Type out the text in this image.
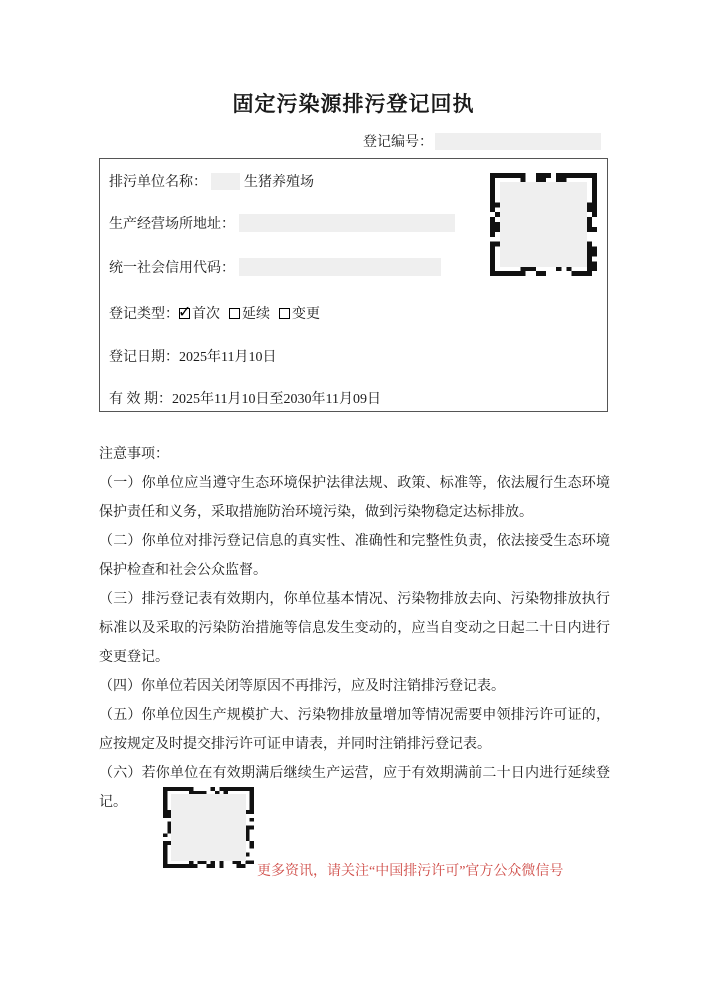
固定污染源排污登记回执
登记编号：
排污单位名称：	生猪养殖场
生产经营场所地址：
统一社会信用代码：
登记类型： ✓ 首次 延续 变更
登记日期： 2025年11月10日
有 效 期： 2025年11月10日至2030年11月09日

注意事项：

（一）你单位应当遵守生态环境保护法律法规、政策、标准等，依法履行生态环境保护责任和义务，采取措施防治环境污染，做到污染物稳定达标排放。

（二）你单位对排污登记信息的真实性、准确性和完整性负责，依法接受生态环境保护检查和社会公众监督。

（三）排污登记表有效期内，你单位基本情况、污染物排放去向、污染物排放执行标准以及采取的污染防治措施等信息发生变动的，应当自变动之日起二十日内进行变更登记。

（四）你单位若因关闭等原因不再排污，应及时注销排污登记表。

（五）你单位因生产规模扩大、污染物排放量增加等情况需要申领排污许可证的，应按规定及时提交排污许可证申请表，并同时注销排污登记表。

（六）若你单位在有效期满后继续生产运营，应于有效期满前二十日内进行延续登记。

更多资讯，请关注“中国排污许可”官方公众微信号
